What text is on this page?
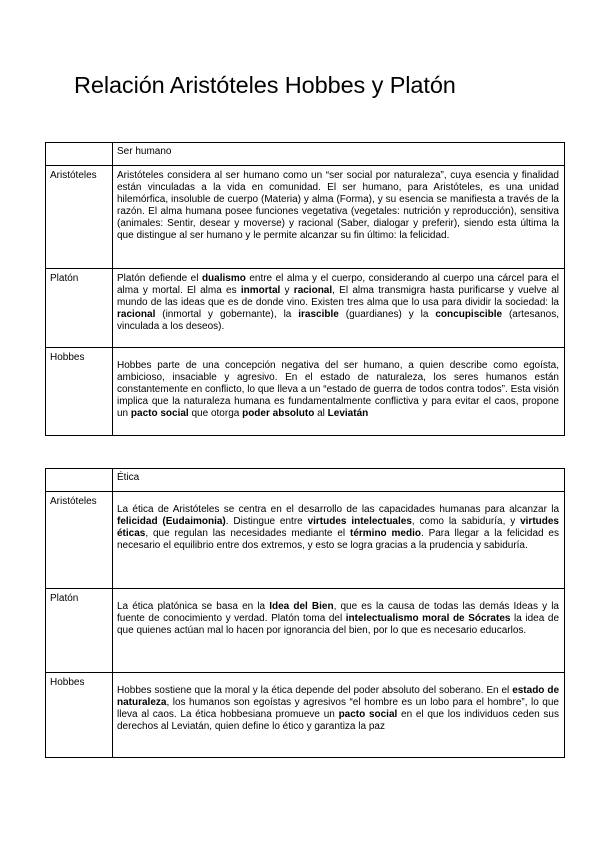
Relación Aristóteles Hobbes y Platón
	Ser humano
Aristóteles	Aristóteles considera al ser humano como un “ser social por naturaleza”, cuya esencia y finalidad están vinculadas a la vida en comunidad. El ser humano, para Aristóteles, es una unidad hilemórfica, insoluble de cuerpo (Materia) y alma (Forma), y su esencia se manifiesta a través de la razón. El alma humana posee funciones vegetativa (vegetales: nutrición y reproducción), sensitiva (animales: Sentir, desear y moverse) y racional (Saber, dialogar y preferir), siendo esta última la que distingue al ser humano y le permite alcanzar su fin último: la felicidad.

Platón	Platón defiende el dualismo entre el alma y el cuerpo, considerando al cuerpo una cárcel para el alma y mortal. El alma es inmortal y racional, El alma transmigra hasta purificarse y vuelve al mundo de las ideas que es de donde vino. Existen tres alma que lo usa para dividir la sociedad: la racional (inmortal y gobernante), la irascible (guardianes) y la concupiscible (artesanos, vinculada a los deseos).

Hobbes	Hobbes parte de una concepción negativa del ser humano, a quien describe como egoísta, ambicioso, insaciable y agresivo. En el estado de naturaleza, los seres humanos están constantemente en conflicto, lo que lleva a un “estado de guerra de todos contra todos”. Esta visión implica que la naturaleza humana es fundamentalmente conflictiva y para evitar el caos, propone un pacto social que otorga poder absoluto al Leviatán

	Ética
Aristóteles	La ética de Aristóteles se centra en el desarrollo de las capacidades humanas para alcanzar la felicidad (Eudaimonia). Distingue entre virtudes intelectuales, como la sabiduría, y virtudes éticas, que regulan las necesidades mediante el término medio. Para llegar a la felicidad es necesario el equilibrio entre dos extremos, y esto se logra gracias a la prudencia y sabiduría.

Platón	La ética platónica se basa en la Idea del Bien, que es la causa de todas las demás Ideas y la fuente de conocimiento y verdad. Platón toma del intelectualismo moral de Sócrates la idea de que quienes actúan mal lo hacen por ignorancia del bien, por lo que es necesario educarlos.

Hobbes	Hobbes sostiene que la moral y la ética depende del poder absoluto del soberano. En el estado de naturaleza, los humanos son egoístas y agresivos “el hombre es un lobo para el hombre”, lo que lleva al caos. La ética hobbesiana promueve un pacto social en el que los individuos ceden sus derechos al Leviatán, quien define lo ético y garantiza la paz
